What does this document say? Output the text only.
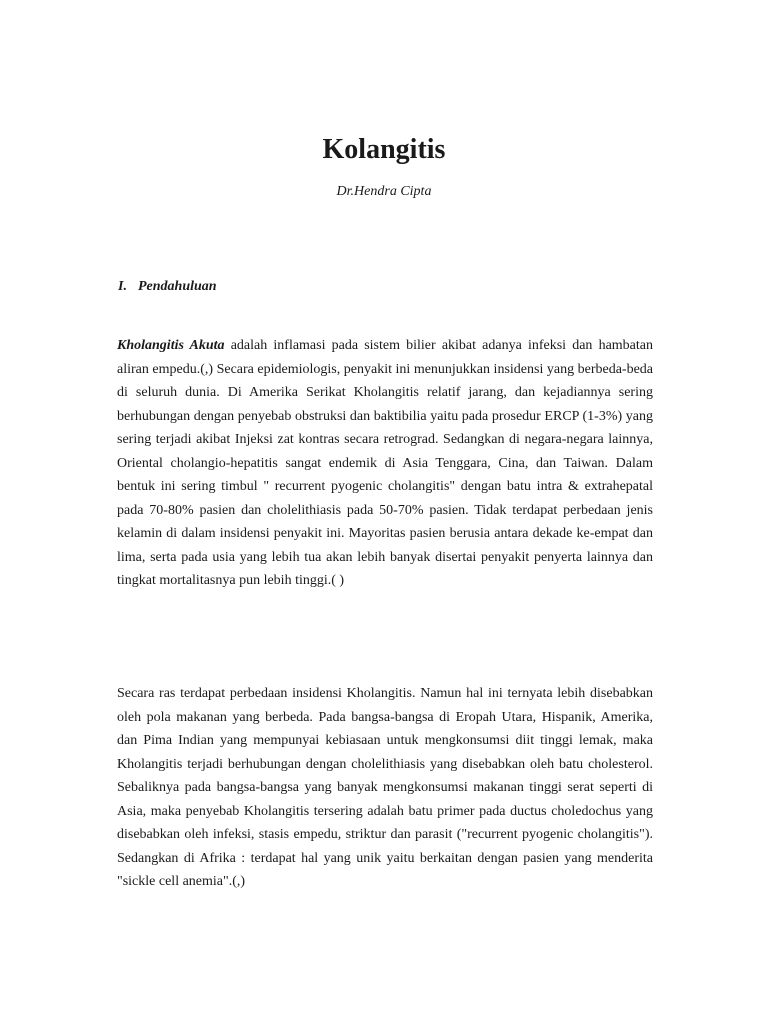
Kolangitis
Dr.Hendra Cipta
I. Pendahuluan

Kholangitis Akuta adalah inflamasi pada sistem bilier akibat adanya infeksi dan hambatan aliran empedu.(,) Secara epidemiologis, penyakit ini menunjukkan insidensi yang berbeda-beda di seluruh dunia. Di Amerika Serikat Kholangitis relatif jarang, dan kejadiannya sering berhubungan dengan penyebab obstruksi dan baktibilia yaitu pada prosedur ERCP (1-3%) yang sering terjadi akibat Injeksi zat kontras secara retrograd. Sedangkan di negara-negara lainnya, Oriental cholangio-hepatitis sangat endemik di Asia Tenggara, Cina, dan Taiwan. Dalam bentuk ini sering timbul " recurrent pyogenic cholangitis" dengan batu intra & extrahepatal pada 70-80% pasien dan cholelithiasis pada 50-70% pasien. Tidak terdapat perbedaan jenis kelamin di dalam insidensi penyakit ini. Mayoritas pasien berusia antara dekade ke-empat dan lima, serta pada usia yang lebih tua akan lebih banyak disertai penyakit penyerta lainnya dan tingkat mortalitasnya pun lebih tinggi.( )

Secara ras terdapat perbedaan insidensi Kholangitis. Namun hal ini ternyata lebih disebabkan oleh pola makanan yang berbeda. Pada bangsa-bangsa di Eropah Utara, Hispanik, Amerika, dan Pima Indian yang mempunyai kebiasaan untuk mengkonsumsi diit tinggi lemak, maka Kholangitis terjadi berhubungan dengan cholelithiasis yang disebabkan oleh batu cholesterol. Sebaliknya pada bangsa-bangsa yang banyak mengkonsumsi makanan tinggi serat seperti di Asia, maka penyebab Kholangitis tersering adalah batu primer pada ductus choledochus yang disebabkan oleh infeksi, stasis empedu, striktur dan parasit ("recurrent pyogenic cholangitis"). Sedangkan di Afrika : terdapat hal yang unik yaitu berkaitan dengan pasien yang menderita "sickle cell anemia".(,)
